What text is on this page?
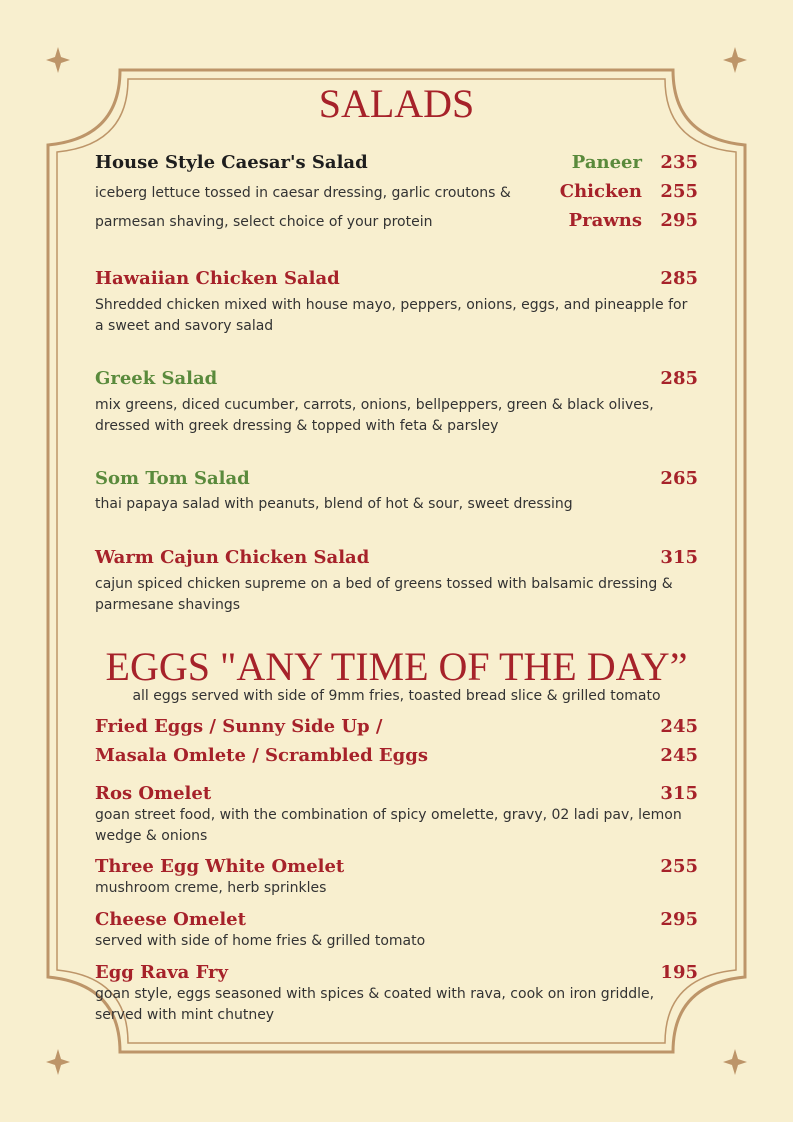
SALADS
House Style Caesar's Salad
iceberg lettuce tossed in caesar dressing, garlic croutons &
parmesan shaving, select choice of your protein
Paneer 235
Chicken 255
Prawns 295
Hawaiian Chicken Salad	285
Shredded chicken mixed with house mayo, peppers, onions, eggs, and pineapple for a sweet and savory salad
Greek Salad	285
mix greens, diced cucumber, carrots, onions, bellpeppers, green & black olives, dressed with greek dressing & topped with feta & parsley
Som Tom Salad	265
thai papaya salad with peanuts, blend of hot & sour, sweet dressing
Warm Cajun Chicken Salad	315
cajun spiced chicken supreme on a bed of greens tossed with balsamic dressing & parmesane shavings
EGGS "ANY TIME OF THE DAY”
all eggs served with side of 9mm fries, toasted bread slice & grilled tomato
Fried Eggs / Sunny Side Up /	245
Masala Omlete / Scrambled Eggs	245
Ros Omelet	315
goan street food, with the combination of spicy omelette, gravy, 02 ladi pav, lemon wedge & onions
Three Egg White Omelet	255
mushroom creme, herb sprinkles
Cheese Omelet	295
served with side of home fries & grilled tomato
Egg Rava Fry	195
goan style, eggs seasoned with spices & coated with rava, cook on iron griddle, served with mint chutney
